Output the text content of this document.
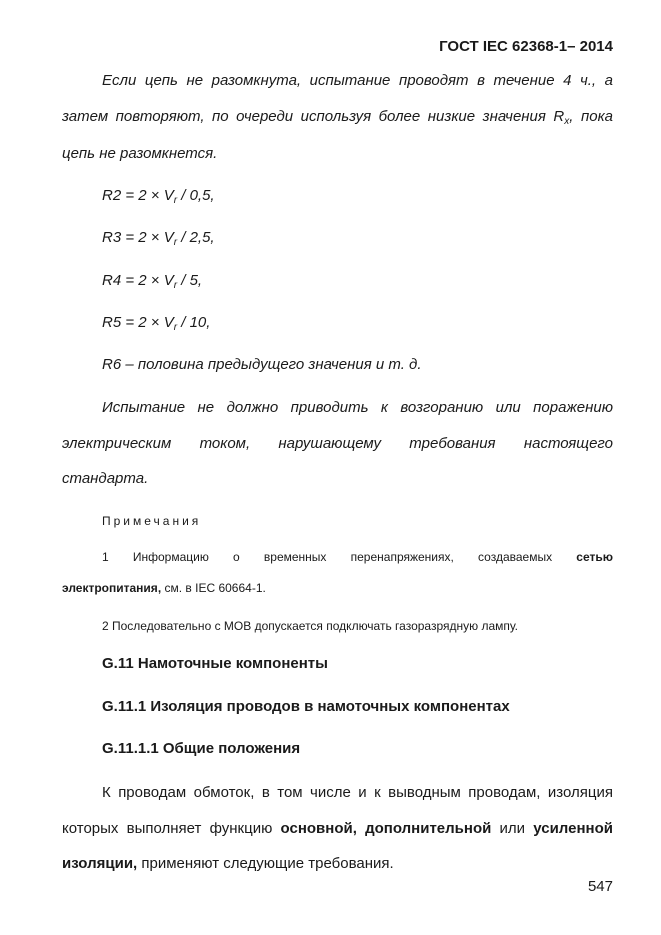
ГОСТ IEC 62368-1– 2014
Если цепь не разомкнута, испытание проводят в течение 4 ч., а
затем повторяют, по очереди используя более низкие значения $R_x$, пока
цепь не разомкнется.
$R2 = 2 \times V_r / 0,5$,
$R3 = 2 \times V_r / 2,5$,
$R4 = 2 \times V_r / 5$,
$R5 = 2 \times V_r / 10$,
R6 – половина предыдущего значения и т. д.
Испытание не должно приводить к возгоранию или поражению
электрическим током, нарушающему требования настоящего
стандарта.
Примечания
1 Информацию о временных перенапряжениях, создаваемых сетью
электропитания, см. в IEC 60664-1.
2 Последовательно с MOB допускается подключать газоразрядную лампу.
G.11 Намоточные компоненты
G.11.1 Изоляция проводов в намоточных компонентах
G.11.1.1 Общие положения
К проводам обмоток, в том числе и к выводным проводам, изоляция
которых выполняет функцию основной, дополнительной или усиленной
изоляции, применяют следующие требования.
547
